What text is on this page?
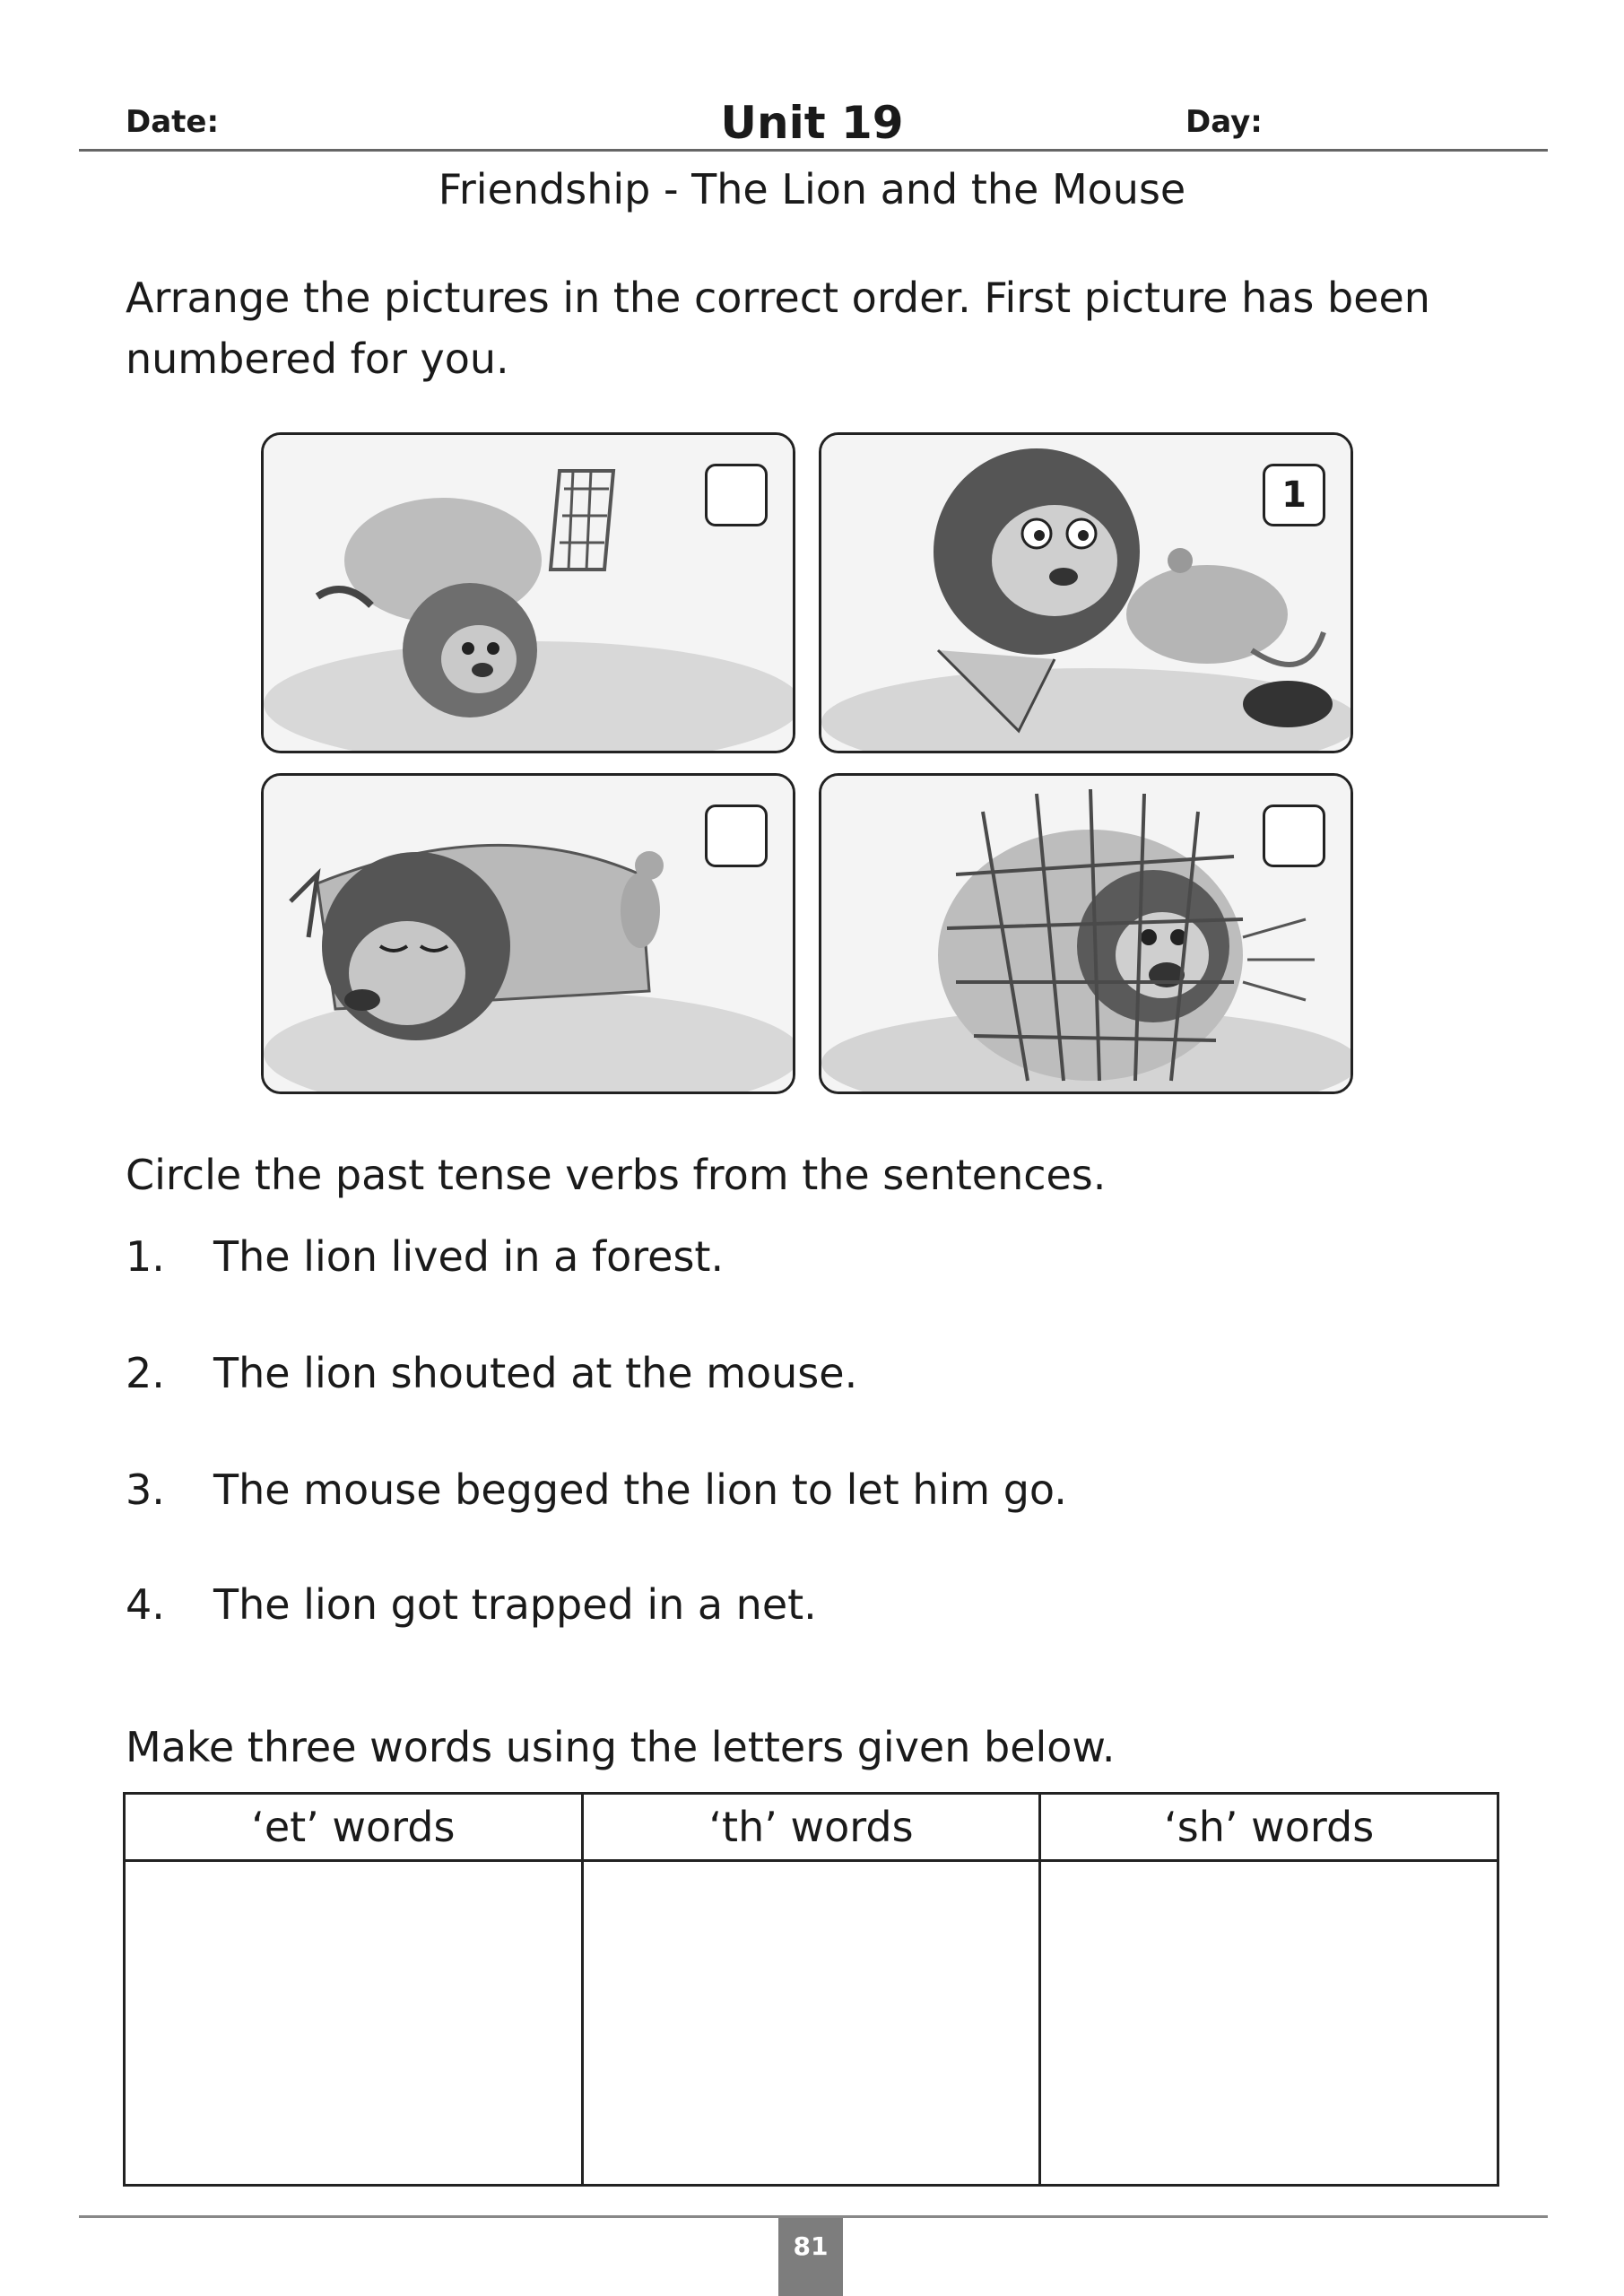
Date:	Unit 19	Day:
Friendship - The Lion and the Mouse
Arrange the pictures in the correct order. First picture has been numbered for you.
1
Circle the past tense verbs from the sentences.
1.	The lion lived in a forest.
2.	The lion shouted at the mouse.
3.	The mouse begged the lion to let him go.
4.	The lion got trapped in a net.
Make three words using the letters given below.
‘et’ words	‘th’ words	‘sh’ words

81
